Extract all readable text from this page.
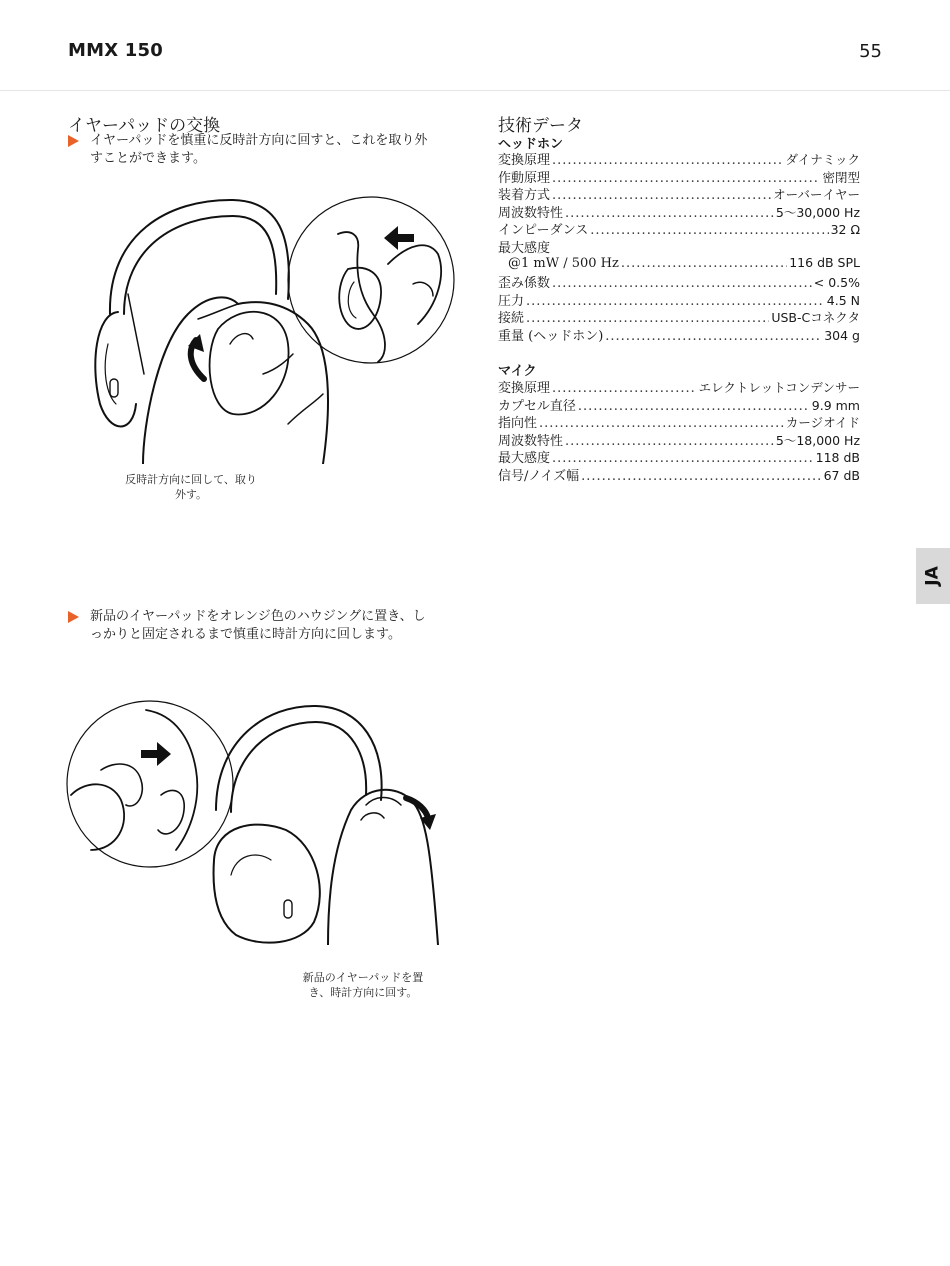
MMX 150	55
イヤーパッドの交換
イヤーパッドを慎重に反時計方向に回すと、これを取り外すことができます。
反時計方向に回して、取り外す。
新品のイヤーパッドをオレンジ色のハウジングに置き、しっかりと固定されるまで慎重に時計方向に回します。
新品のイヤーパッドを置き、時計方向に回す。
技術データ
ヘッドホン
変換原理 .....	ダイナミック
作動原理 .....	密閉型
装着方式 .....	オーバーイヤー
周波数特性 .....	5〜30,000 Hz
インピーダンス .....	32 Ω
最大感度
@1 mW / 500 Hz .....	116 dB SPL
歪み係数 .....	< 0.5%
圧力 .....	4.5 N
接続 .....	USB-Cコネクタ
重量 (ヘッドホン) .....	304 g
マイク
変換原理 .....	エレクトレットコンデンサー
カプセル直径 .....	9.9 mm
指向性 .....	カージオイド
周波数特性 .....	5〜18,000 Hz
最大感度 .....	118 dB
信号/ノイズ幅 .....	67 dB
JA
